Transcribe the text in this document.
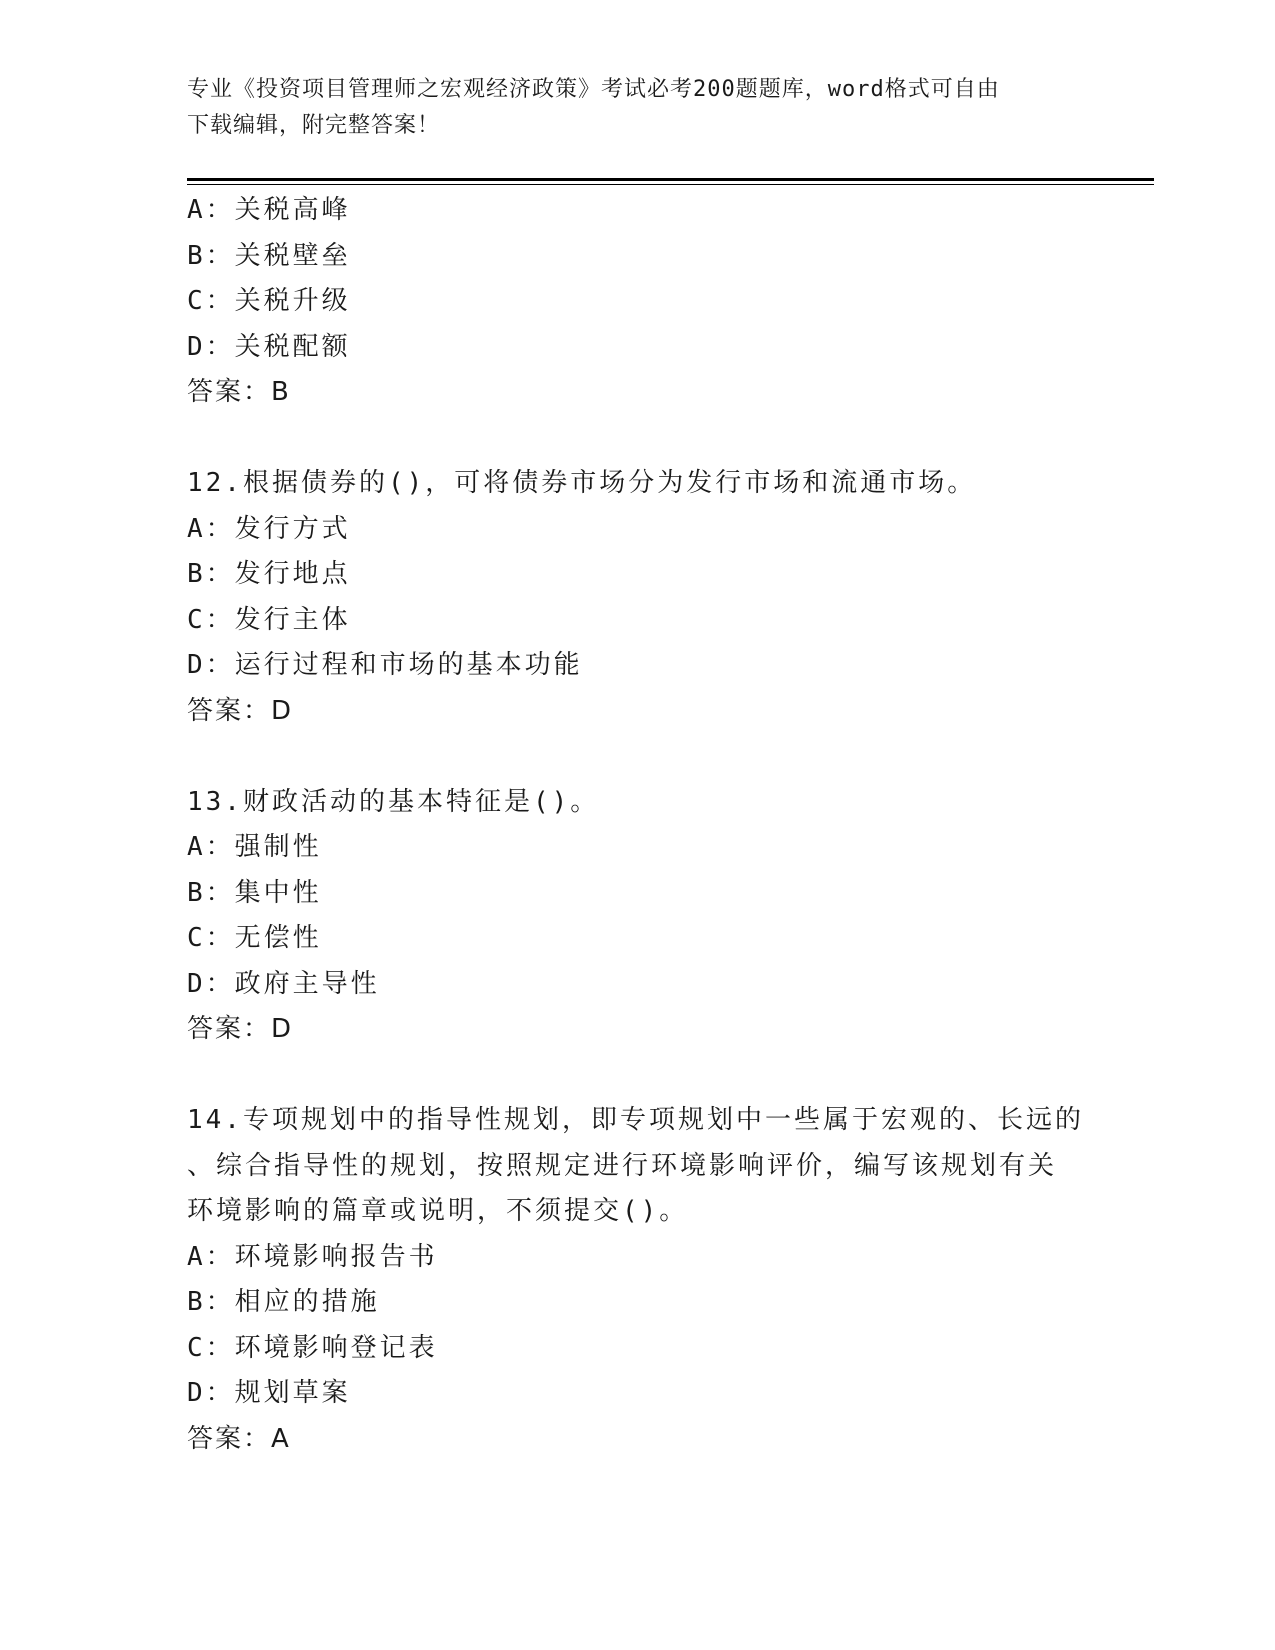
专业《投资项目管理师之宏观经济政策》考试必考200题题库，word格式可自由
下载编辑，附完整答案！
A：关税高峰
B：关税壁垒
C：关税升级
D：关税配额
答案：B
12.根据债券的()，可将债券市场分为发行市场和流通市场。
A：发行方式
B：发行地点
C：发行主体
D：运行过程和市场的基本功能
答案：D
13.财政活动的基本特征是()。
A：强制性
B：集中性
C：无偿性
D：政府主导性
答案：D
14.专项规划中的指导性规划，即专项规划中一些属于宏观的、长远的
、综合指导性的规划，按照规定进行环境影响评价，编写该规划有关
环境影响的篇章或说明，不须提交()。
A：环境影响报告书
B：相应的措施
C：环境影响登记表
D：规划草案
答案：A
